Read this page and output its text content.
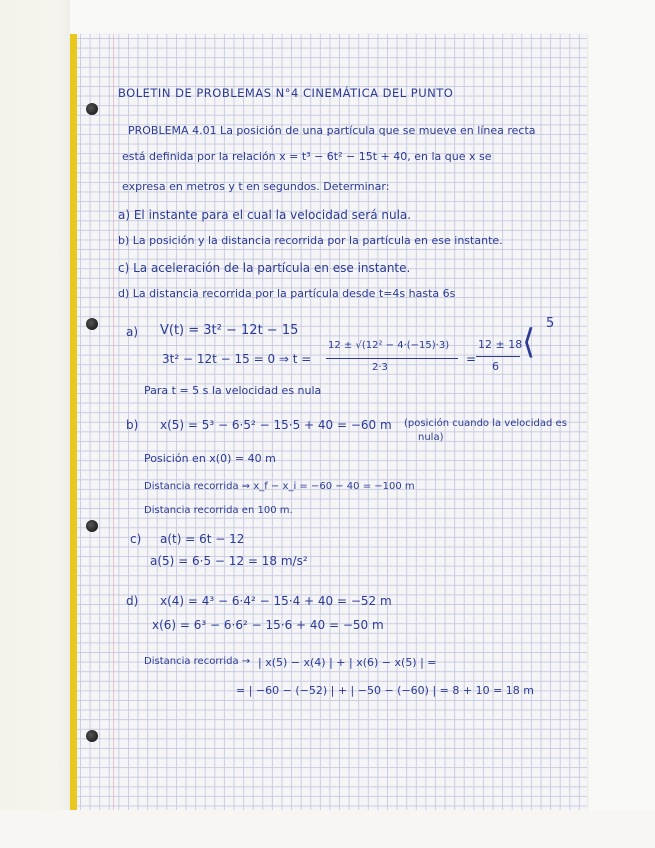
BOLETIN DE PROBLEMAS N°4 CINEMÁTICA DEL PUNTO
PROBLEMA 4.01 La posición de una partícula que se mueve en línea recta
está definida por la relación x = t³ − 6t² − 15t + 40, en la que x se
expresa en metros y t en segundos. Determinar:
a) El instante para el cual la velocidad será nula.
b) La posición y la distancia recorrida por la partícula en ese instante.
c) La aceleración de la partícula en ese instante.
d) La distancia recorrida por la partícula desde t=4s hasta 6s
a) V(t) = 3t² − 12t − 15
3t² − 12t − 15 = 0 ⇒ t =
12 ± √(12² − 4·(−15)·3)
2·3
=
12 ± 18
6
⟨ 5
Para t = 5 s la velocidad es nula
b) x(5) = 5³ − 6·5² − 15·5 + 40 = −60 m (posición cuando la velocidad es
nula)
Posición en x(0) = 40 m
Distancia recorrida ⇒ x_f − x_i = −60 − 40 = −100 m
Distancia recorrida en 100 m.
c) a(t) = 6t − 12
a(5) = 6·5 − 12 = 18 m/s²
d) x(4) = 4³ − 6·4² − 15·4 + 40 = −52 m
x(6) = 6³ − 6·6² − 15·6 + 40 = −50 m
Distancia recorrida → | x(5) − x(4) | + | x(6) − x(5) | =
= | −60 − (−52) | + | −50 − (−60) | = 8 + 10 = 18 m
